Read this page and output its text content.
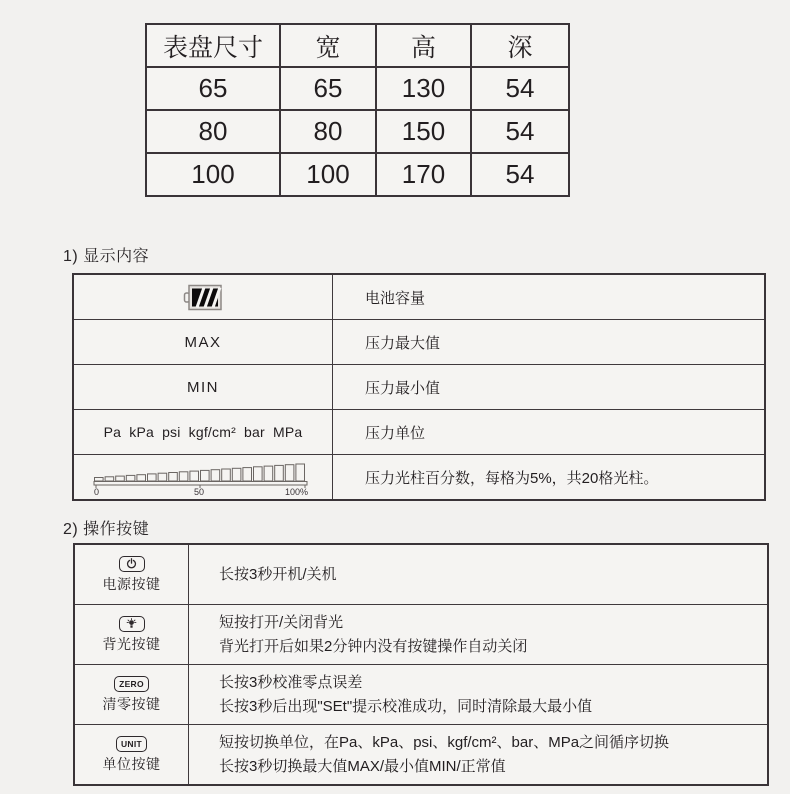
表盘尺寸	宽	高	深
65	65	130	54
80	80	150	54
100	100	170	54
1) 显示内容
	电池容量
MAX	压力最大值
MIN	压力最小值
Pa kPa psi kgf/cm² bar MPa	压力单位

0 50 100%	压力光柱百分数，每格为5%，共20格光柱。
2) 操作按键
电源按键	长按3秒开机/关机

背光按键	短按打开/关闭背光
背光打开后如果2分钟内没有按键操作自动关闭

ZERO
清零按键	长按3秒校准零点误差
长按3秒后出现"SEt"提示校准成功，同时清除最大最小值

UNIT
单位按键	短按切换单位，在Pa、kPa、psi、kgf/cm²、bar、MPa之间循序切换
长按3秒切换最大值MAX/最小值MIN/正常值
